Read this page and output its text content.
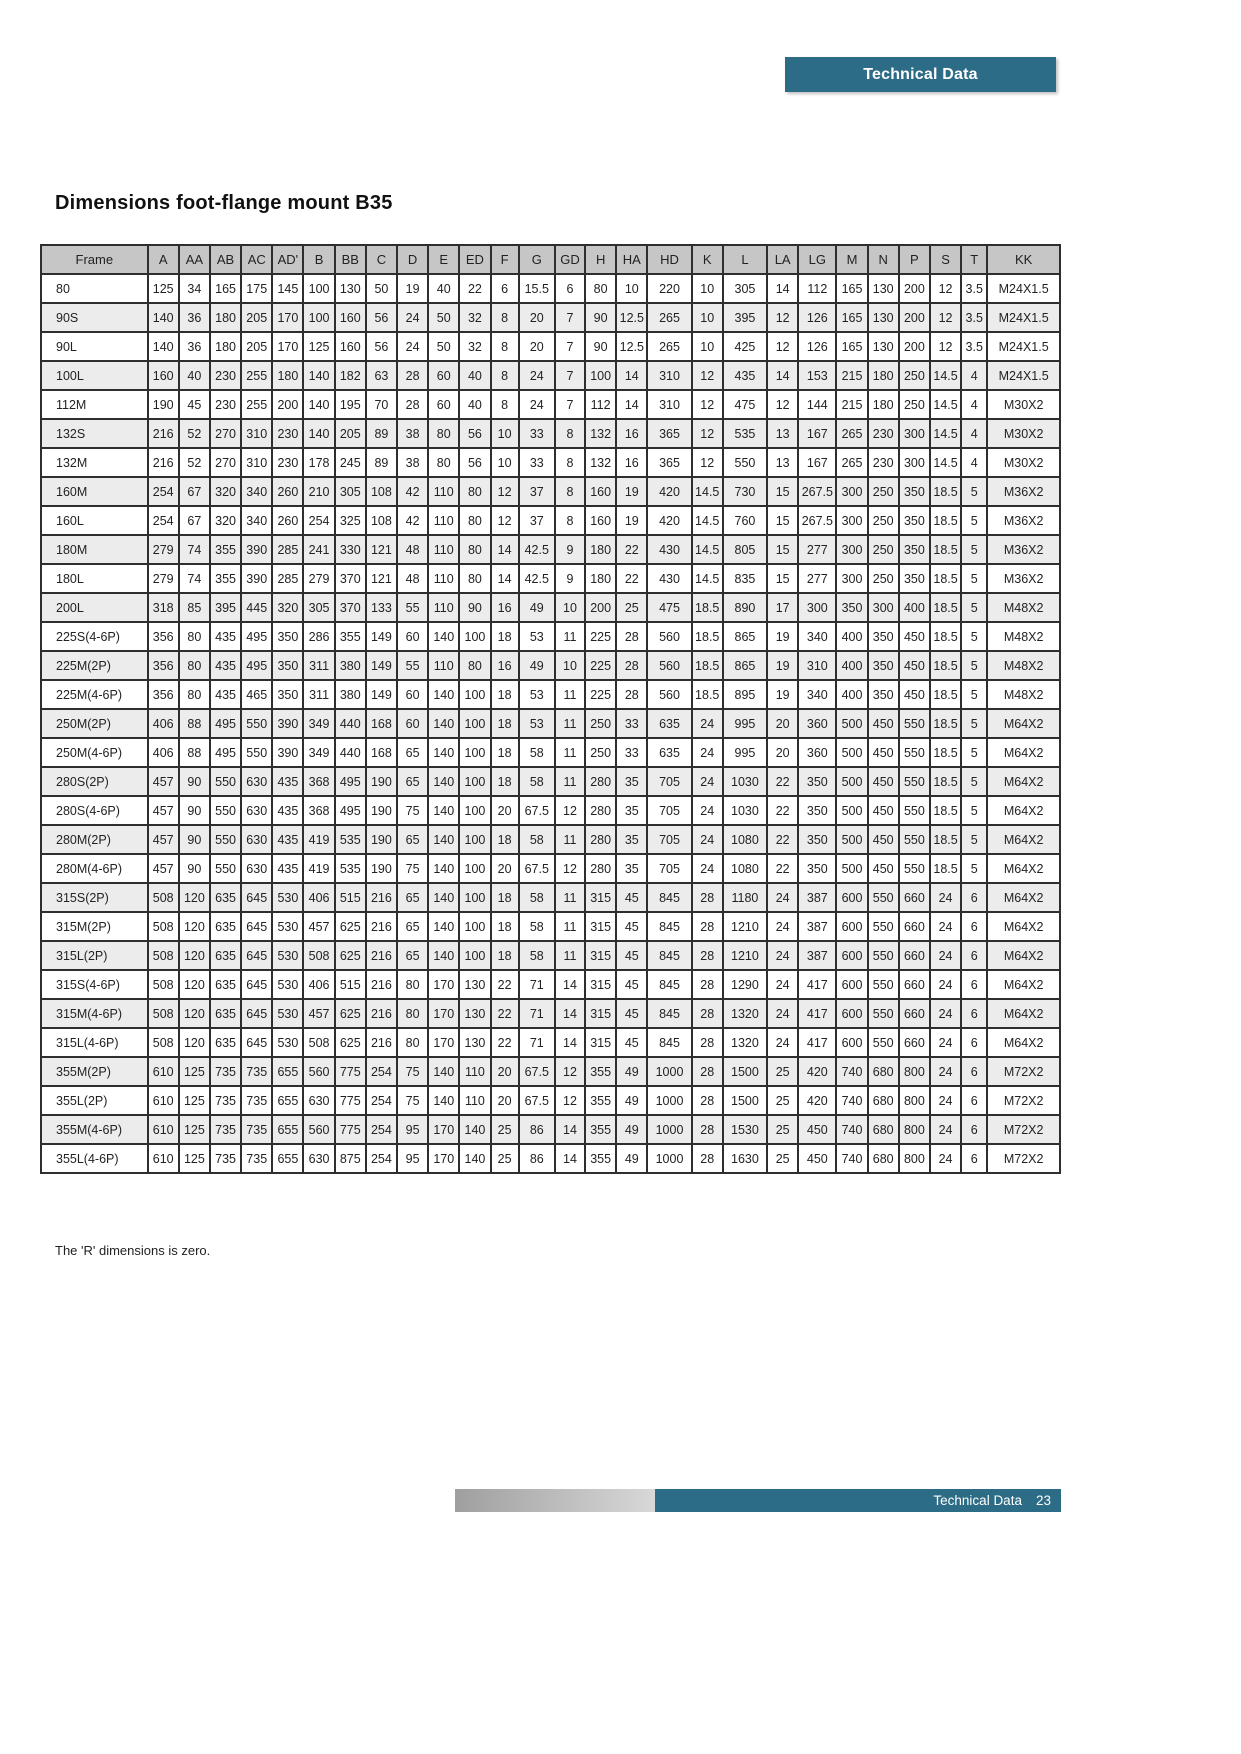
Technical Data
Dimensions foot-flange mount B35
Frame	A	AA	AB	AC	AD'	B	BB	C	D	E	ED	F	G	GD	H	HA	HD	K	L	LA	LG	M	N	P	S	T	KK
80	125	34	165	175	145	100	130	50	19	40	22	6	15.5	6	80	10	220	10	305	14	112	165	130	200	12	3.5	M24X1.5
90S	140	36	180	205	170	100	160	56	24	50	32	8	20	7	90	12.5	265	10	395	12	126	165	130	200	12	3.5	M24X1.5
90L	140	36	180	205	170	125	160	56	24	50	32	8	20	7	90	12.5	265	10	425	12	126	165	130	200	12	3.5	M24X1.5
100L	160	40	230	255	180	140	182	63	28	60	40	8	24	7	100	14	310	12	435	14	153	215	180	250	14.5	4	M24X1.5
112M	190	45	230	255	200	140	195	70	28	60	40	8	24	7	112	14	310	12	475	12	144	215	180	250	14.5	4	M30X2
132S	216	52	270	310	230	140	205	89	38	80	56	10	33	8	132	16	365	12	535	13	167	265	230	300	14.5	4	M30X2
132M	216	52	270	310	230	178	245	89	38	80	56	10	33	8	132	16	365	12	550	13	167	265	230	300	14.5	4	M30X2
160M	254	67	320	340	260	210	305	108	42	110	80	12	37	8	160	19	420	14.5	730	15	267.5	300	250	350	18.5	5	M36X2
160L	254	67	320	340	260	254	325	108	42	110	80	12	37	8	160	19	420	14.5	760	15	267.5	300	250	350	18.5	5	M36X2
180M	279	74	355	390	285	241	330	121	48	110	80	14	42.5	9	180	22	430	14.5	805	15	277	300	250	350	18.5	5	M36X2
180L	279	74	355	390	285	279	370	121	48	110	80	14	42.5	9	180	22	430	14.5	835	15	277	300	250	350	18.5	5	M36X2
200L	318	85	395	445	320	305	370	133	55	110	90	16	49	10	200	25	475	18.5	890	17	300	350	300	400	18.5	5	M48X2
225S(4-6P)	356	80	435	495	350	286	355	149	60	140	100	18	53	11	225	28	560	18.5	865	19	340	400	350	450	18.5	5	M48X2
225M(2P)	356	80	435	495	350	311	380	149	55	110	80	16	49	10	225	28	560	18.5	865	19	310	400	350	450	18.5	5	M48X2
225M(4-6P)	356	80	435	465	350	311	380	149	60	140	100	18	53	11	225	28	560	18.5	895	19	340	400	350	450	18.5	5	M48X2
250M(2P)	406	88	495	550	390	349	440	168	60	140	100	18	53	11	250	33	635	24	995	20	360	500	450	550	18.5	5	M64X2
250M(4-6P)	406	88	495	550	390	349	440	168	65	140	100	18	58	11	250	33	635	24	995	20	360	500	450	550	18.5	5	M64X2
280S(2P)	457	90	550	630	435	368	495	190	65	140	100	18	58	11	280	35	705	24	1030	22	350	500	450	550	18.5	5	M64X2
280S(4-6P)	457	90	550	630	435	368	495	190	75	140	100	20	67.5	12	280	35	705	24	1030	22	350	500	450	550	18.5	5	M64X2
280M(2P)	457	90	550	630	435	419	535	190	65	140	100	18	58	11	280	35	705	24	1080	22	350	500	450	550	18.5	5	M64X2
280M(4-6P)	457	90	550	630	435	419	535	190	75	140	100	20	67.5	12	280	35	705	24	1080	22	350	500	450	550	18.5	5	M64X2
315S(2P)	508	120	635	645	530	406	515	216	65	140	100	18	58	11	315	45	845	28	1180	24	387	600	550	660	24	6	M64X2
315M(2P)	508	120	635	645	530	457	625	216	65	140	100	18	58	11	315	45	845	28	1210	24	387	600	550	660	24	6	M64X2
315L(2P)	508	120	635	645	530	508	625	216	65	140	100	18	58	11	315	45	845	28	1210	24	387	600	550	660	24	6	M64X2
315S(4-6P)	508	120	635	645	530	406	515	216	80	170	130	22	71	14	315	45	845	28	1290	24	417	600	550	660	24	6	M64X2
315M(4-6P)	508	120	635	645	530	457	625	216	80	170	130	22	71	14	315	45	845	28	1320	24	417	600	550	660	24	6	M64X2
315L(4-6P)	508	120	635	645	530	508	625	216	80	170	130	22	71	14	315	45	845	28	1320	24	417	600	550	660	24	6	M64X2
355M(2P)	610	125	735	735	655	560	775	254	75	140	110	20	67.5	12	355	49	1000	28	1500	25	420	740	680	800	24	6	M72X2
355L(2P)	610	125	735	735	655	630	775	254	75	140	110	20	67.5	12	355	49	1000	28	1500	25	420	740	680	800	24	6	M72X2
355M(4-6P)	610	125	735	735	655	560	775	254	95	170	140	25	86	14	355	49	1000	28	1530	25	450	740	680	800	24	6	M72X2
355L(4-6P)	610	125	735	735	655	630	875	254	95	170	140	25	86	14	355	49	1000	28	1630	25	450	740	680	800	24	6	M72X2
The 'R' dimensions is zero.
Technical Data 23
